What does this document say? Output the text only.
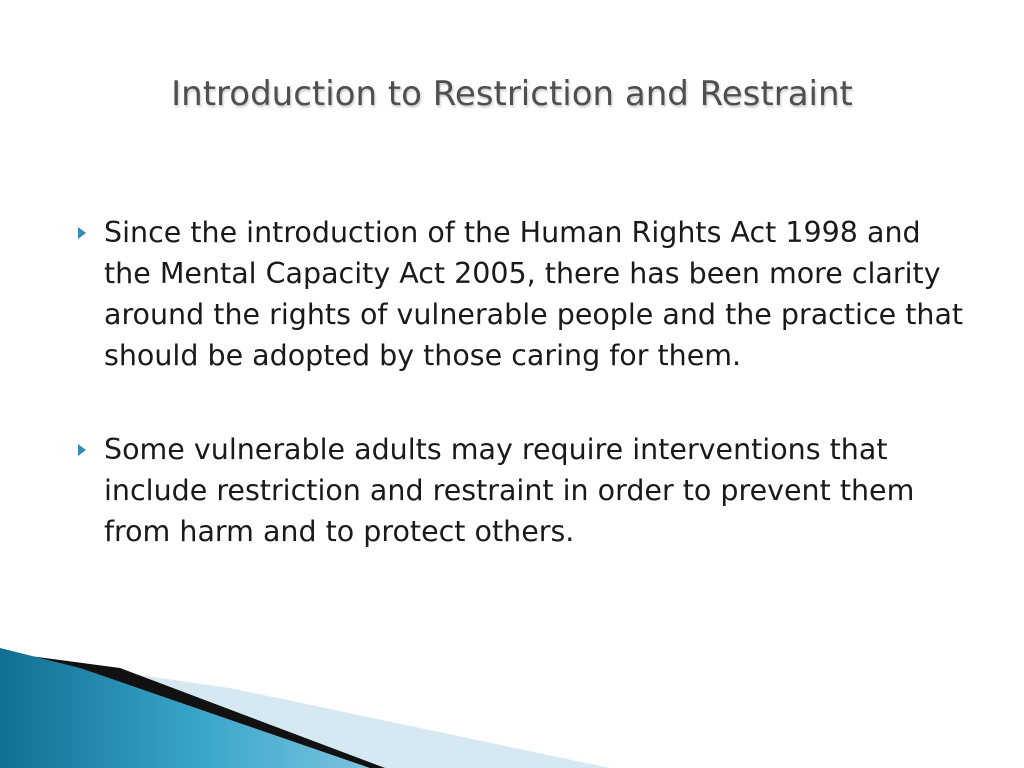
Introduction to Restriction and Restraint
Since the introduction of the Human Rights Act 1998 and the Mental Capacity Act 2005, there has been more clarity around the rights of vulnerable people and the practice that should be adopted by those caring for them.
Some vulnerable adults may require interventions that include restriction and restraint in order to prevent them from harm and to protect others.
